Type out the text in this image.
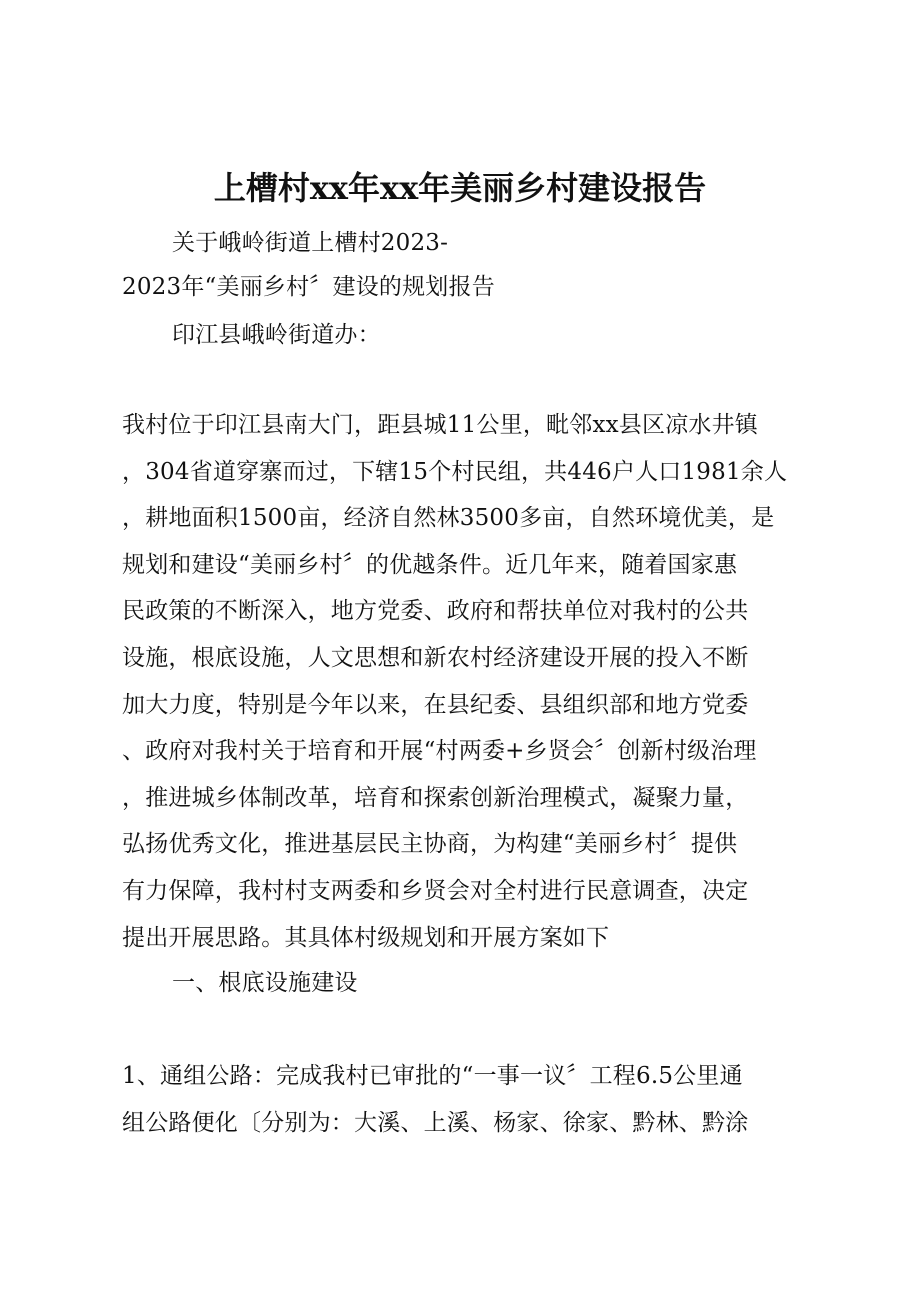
上槽村xx年xx年美丽乡村建设报告
关于峨岭街道上槽村2023-
2023年“美丽乡村〞建设的规划报告
印江县峨岭街道办：
我村位于印江县南大门，距县城11公里，毗邻xx县区凉水井镇
，304省道穿寨而过，下辖15个村民组，共446户人口1981余人
，耕地面积1500亩，经济自然林3500多亩，自然环境优美，是
规划和建设“美丽乡村〞的优越条件。近几年来，随着国家惠
民政策的不断深入，地方党委、政府和帮扶单位对我村的公共
设施，根底设施，人文思想和新农村经济建设开展的投入不断
加大力度，特别是今年以来，在县纪委、县组织部和地方党委
、政府对我村关于培育和开展“村两委+乡贤会〞创新村级治理
，推进城乡体制改革，培育和探索创新治理模式，凝聚力量，
弘扬优秀文化，推进基层民主协商，为构建“美丽乡村〞提供
有力保障，我村村支两委和乡贤会对全村进行民意调查，决定
提出开展思路。其具体村级规划和开展方案如下
一、根底设施建设
1、通组公路：完成我村已审批的“一事一议〞工程6.5公里通
组公路便化〔分别为：大溪、上溪、杨家、徐家、黔林、黔涂
